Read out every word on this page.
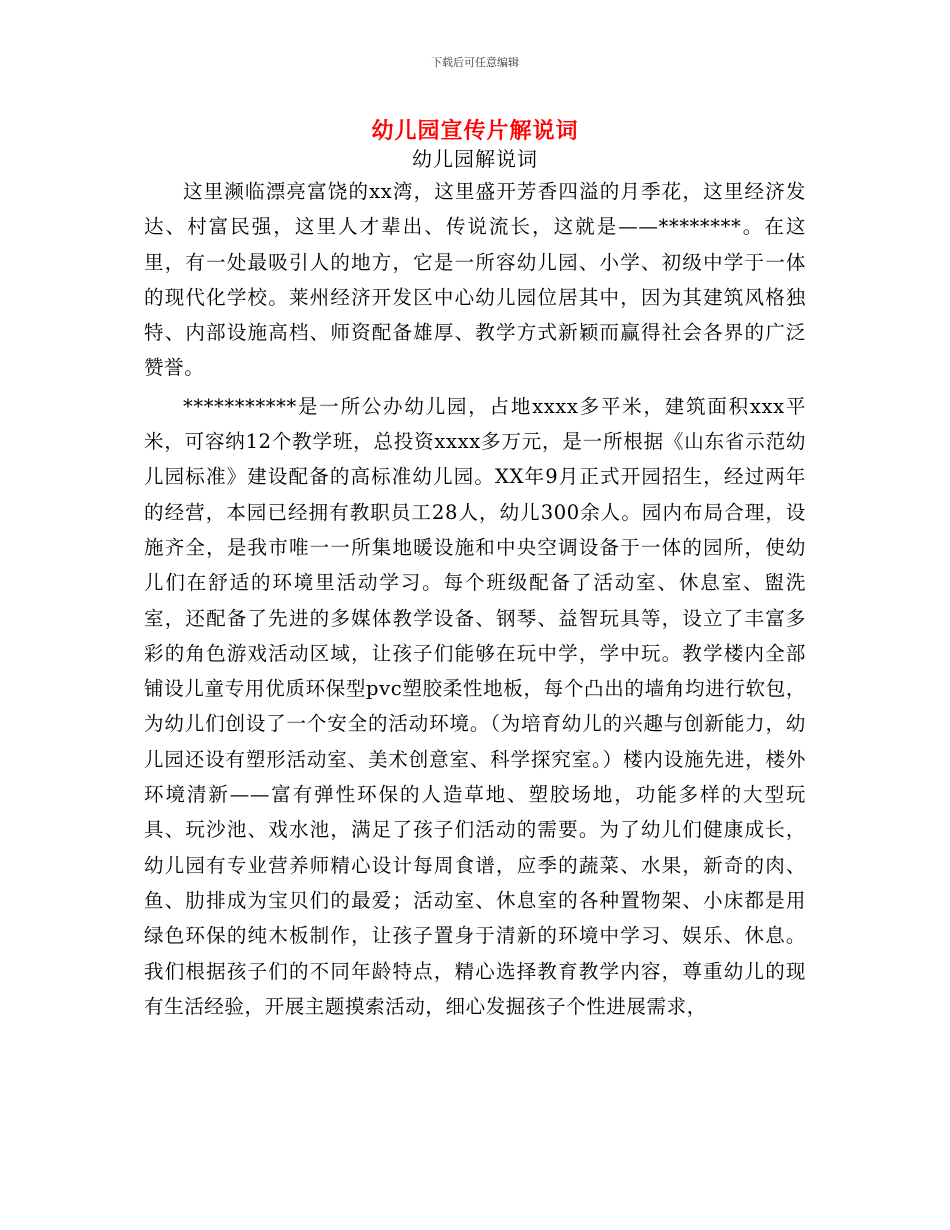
下载后可任意编辑
幼儿园宣传片解说词
幼儿园解说词

这里濒临漂亮富饶的xx湾，这里盛开芳香四溢的月季花，这里经济发达、村富民强，这里人才辈出、传说流长，这就是——********。在这里，有一处最吸引人的地方，它是一所容幼儿园、小学、初级中学于一体的现代化学校。莱州经济开发区中心幼儿园位居其中，因为其建筑风格独特、内部设施高档、师资配备雄厚、教学方式新颖而赢得社会各界的广泛赞誉。

***********是一所公办幼儿园，占地xxxx多平米，建筑面积xxx平米，可容纳12个教学班，总投资xxxx多万元，是一所根据《山东省示范幼儿园标准》建设配备的高标准幼儿园。XX年9月正式开园招生，经过两年的经营，本园已经拥有教职员工28人，幼儿300余人。园内布局合理，设施齐全，是我市唯一一所集地暖设施和中央空调设备于一体的园所，使幼儿们在舒适的环境里活动学习。每个班级配备了活动室、休息室、盥洗室，还配备了先进的多媒体教学设备、钢琴、益智玩具等，设立了丰富多彩的角色游戏活动区域，让孩子们能够在玩中学，学中玩。教学楼内全部铺设儿童专用优质环保型pvc塑胶柔性地板，每个凸出的墙角均进行软包，为幼儿们创设了一个安全的活动环境。（为培育幼儿的兴趣与创新能力，幼儿园还设有塑形活动室、美术创意室、科学探究室。）楼内设施先进，楼外环境清新——富有弹性环保的人造草地、塑胶场地，功能多样的大型玩具、玩沙池、戏水池，满足了孩子们活动的需要。为了幼儿们健康成长，幼儿园有专业营养师精心设计每周食谱，应季的蔬菜、水果，新奇的肉、鱼、肋排成为宝贝们的最爱；活动室、休息室的各种置物架、小床都是用绿色环保的纯木板制作，让孩子置身于清新的环境中学习、娱乐、休息。我们根据孩子们的不同年龄特点，精心选择教育教学内容，尊重幼儿的现有生活经验，开展主题摸索活动，细心发掘孩子个性进展需求，
